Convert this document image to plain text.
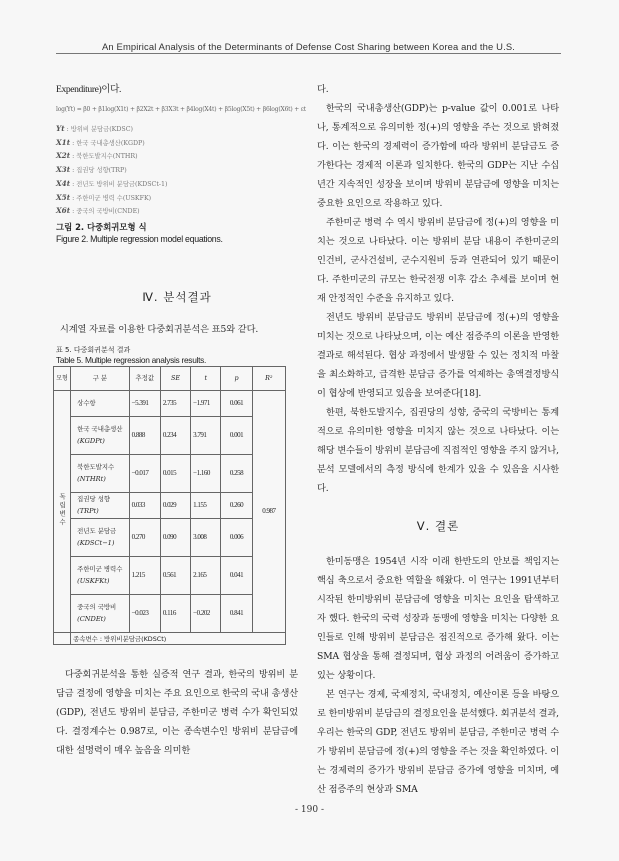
An Empirical Analysis of the Determinants of Defense Cost Sharing between Korea and the U.S.
Expenditure)이다.
log(Yt) = β0 + β1log(X1t) + β2X2t + β3X3t + β4log(X4t) + β5log(X5t) + β6log(X6t) + εt
Yt : 방위비 분담금(KDSC)
X1t : 한국 국내총생산(KGDP)
X2t : 북한도발지수(NTHR)
X3t : 집권당 성향(TRP)
X4t : 전년도 방위비 분담금(KDSCt-1)
X5t : 주한미군 병력 수(USKFK)
X6t : 중국의 국방비(CNDE)
그림 2. 다중회귀모형 식
Figure 2. Multiple regression model equations.
Ⅳ. 분석결과
시계열 자료를 이용한 다중회귀분석은 표5와 같다.
표 5. 다중회귀분석 결과
Table 5. Multiple regression analysis results.
모형	구 분	추정값	SE	t	p	R²
독립변수	상수항	−5.391	2.735	−1.971	0.061	0.987
	한국 국내총생산
(KGDPt)	0.888	0.234	3.791	0.001	
	북한도발지수
(NTHRt)	−0.017	0.015	−1.160	0.258	
	집권당 성향
(TRPt)	0.033	0.029	1.155	0.260	
	전년도 분담금
(KDSCt−1)	0.270	0.090	3.008	0.006	
	주한미군 병력수
(USKFKt)	1.215	0.561	2.165	0.041	
	중국의 국방비
(CNDEt)	−0.023	0.116	−0.202	0.841	
	종속변수 : 방위비분담금(KDSCt)					
다중회귀분석을 통한 실증적 연구 결과, 한국의 방위비 분담금 결정에 영향을 미치는 주요 요인으로 한국의 국내 총생산(GDP), 전년도 방위비 분담금, 주한미군 병력 수가 확인되었다. 결정계수는 0.987로, 이는 종속변수인 방위비 분담금에 대한 설명력이 매우 높음을 의미한
다.
한국의 국내총생산(GDP)는 p-value 값이 0.001로 나타나, 통계적으로 유의미한 정(+)의 영향을 주는 것으로 밝혀졌다. 이는 한국의 경제력이 증가함에 따라 방위비 분담금도 증가한다는 경제적 이론과 일치한다. 한국의 GDP는 지난 수십 년간 지속적인 성장을 보이며 방위비 분담금에 영향을 미치는 중요한 요인으로 작용하고 있다.
주한미군 병력 수 역시 방위비 분담금에 정(+)의 영향을 미치는 것으로 나타났다. 이는 방위비 분담 내용이 주한미군의 인건비, 군사건설비, 군수지원비 등과 연관되어 있기 때문이다. 주한미군의 규모는 한국전쟁 이후 감소 추세를 보이며 현재 안정적인 수준을 유지하고 있다.
전년도 방위비 분담금도 방위비 분담금에 정(+)의 영향을 미치는 것으로 나타났으며, 이는 예산 점증주의 이론을 반영한 결과로 해석된다. 협상 과정에서 발생할 수 있는 정치적 마찰을 최소화하고, 급격한 분담금 증가를 억제하는 총액결정방식이 협상에 반영되고 있음을 보여준다[18].
한편, 북한도발지수, 집권당의 성향, 중국의 국방비는 통계적으로 유의미한 영향을 미치지 않는 것으로 나타났다. 이는 해당 변수들이 방위비 분담금에 직접적인 영향을 주지 않거나, 분석 모델에서의 측정 방식에 한계가 있을 수 있음을 시사한다.
Ⅴ. 결론
한미동맹은 1954년 시작 이래 한반도의 안보를 책임지는 핵심 축으로서 중요한 역할을 해왔다. 이 연구는 1991년부터 시작된 한미방위비 분담금에 영향을 미치는 요인을 탐색하고자 했다. 한국의 국력 성장과 동맹에 영향을 미치는 다양한 요인들로 인해 방위비 분담금은 점진적으로 증가해 왔다. 이는 SMA 협상을 통해 결정되며, 협상 과정의 어려움이 증가하고 있는 상황이다.
본 연구는 경제, 국제정치, 국내정치, 예산이론 등을 바탕으로 한미방위비 분담금의 결정요인을 분석했다. 회귀분석 결과, 우리는 한국의 GDP, 전년도 방위비 분담금, 주한미군 병력 수가 방위비 분담금에 정(+)의 영향을 주는 것을 확인하였다. 이는 경제력의 증가가 방위비 분담금 증가에 영향을 미치며, 예산 점증주의 현상과 SMA
- 190 -
